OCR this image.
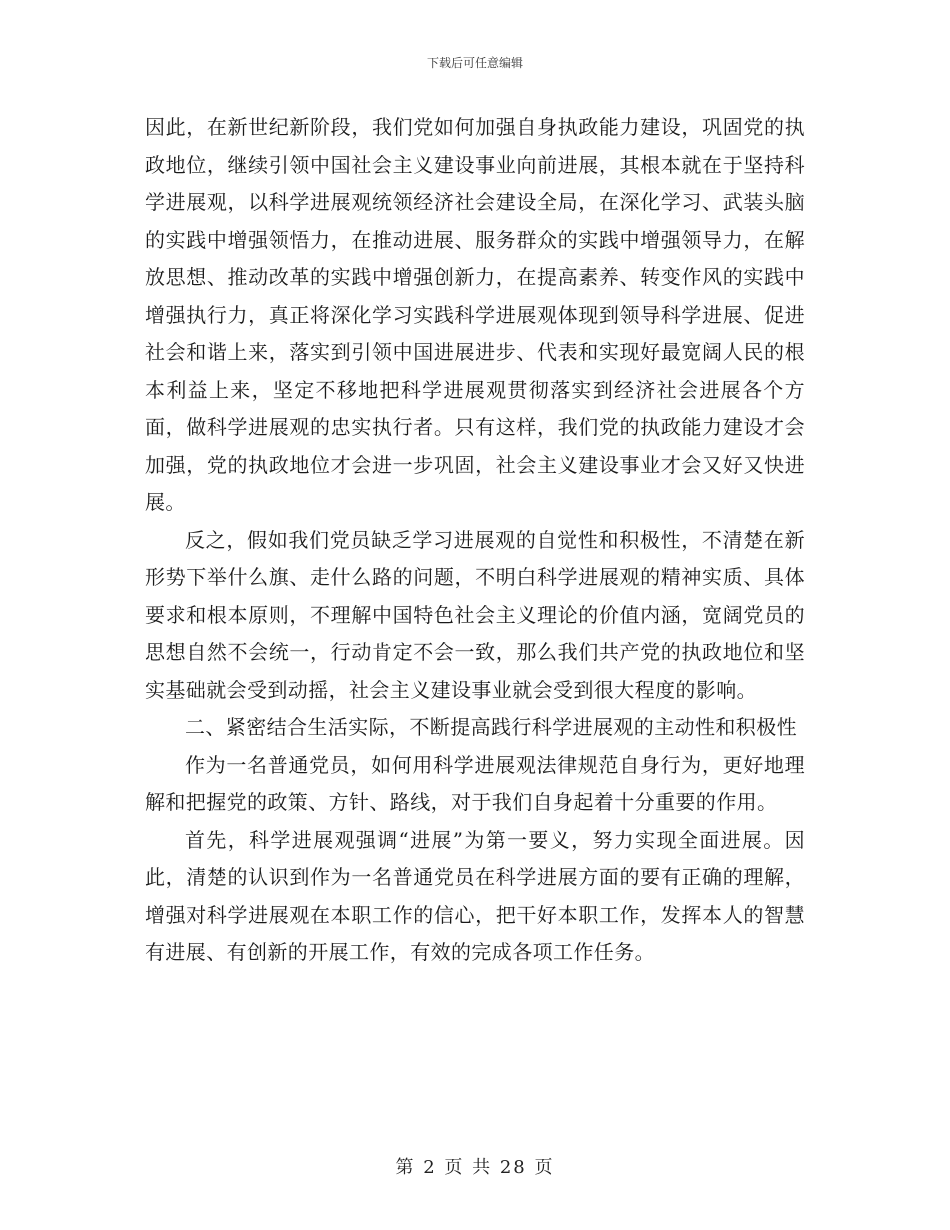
下载后可任意编辑

因此，在新世纪新阶段，我们党如何加强自身执政能力建设，巩固党的执政地位，继续引领中国社会主义建设事业向前进展，其根本就在于坚持科学进展观，以科学进展观统领经济社会建设全局，在深化学习、武装头脑的实践中增强领悟力，在推动进展、服务群众的实践中增强领导力，在解放思想、推动改革的实践中增强创新力，在提高素养、转变作风的实践中增强执行力，真正将深化学习实践科学进展观体现到领导科学进展、促进社会和谐上来，落实到引领中国进展进步、代表和实现好最宽阔人民的根本利益上来，坚定不移地把科学进展观贯彻落实到经济社会进展各个方面，做科学进展观的忠实执行者。只有这样，我们党的执政能力建设才会加强，党的执政地位才会进一步巩固，社会主义建设事业才会又好又快进展。

反之，假如我们党员缺乏学习进展观的自觉性和积极性，不清楚在新形势下举什么旗、走什么路的问题，不明白科学进展观的精神实质、具体要求和根本原则，不理解中国特色社会主义理论的价值内涵，宽阔党员的思想自然不会统一，行动肯定不会一致，那么我们共产党的执政地位和坚实基础就会受到动摇，社会主义建设事业就会受到很大程度的影响。

二、紧密结合生活实际，不断提高践行科学进展观的主动性和积极性

作为一名普通党员，如何用科学进展观法律规范自身行为，更好地理解和把握党的政策、方针、路线，对于我们自身起着十分重要的作用。

首先，科学进展观强调“进展”为第一要义，努力实现全面进展。因此，清楚的认识到作为一名普通党员在科学进展方面的要有正确的理解，增强对科学进展观在本职工作的信心，把干好本职工作，发挥本人的智慧有进展、有创新的开展工作，有效的完成各项工作任务。

第 2 页 共 28 页
